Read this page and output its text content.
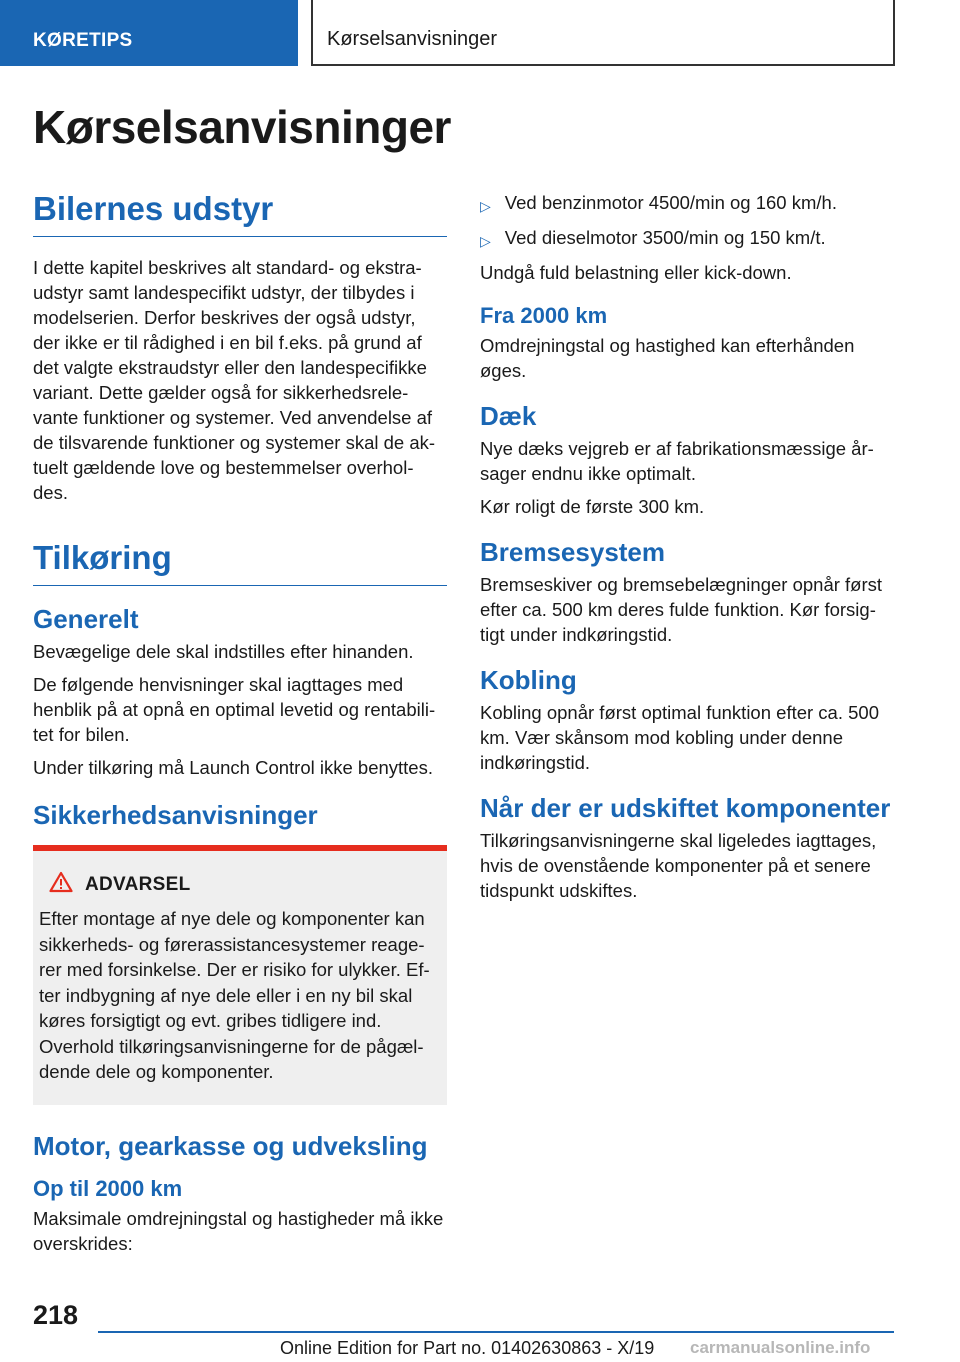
KØRETIPS	Kørselsanvisninger
Kørselsanvisninger
Bilernes udstyr
I dette kapitel beskrives alt standard- og ekstra-udstyr samt landespecifikt udstyr, der tilbydes i modelserien. Derfor beskrives der også udstyr, der ikke er til rådighed i en bil f.eks. på grund af det valgte ekstraudstyr eller den landespecifikke variant. Dette gælder også for sikkerhedsrele-vante funktioner og systemer. Ved anvendelse af de tilsvarende funktioner og systemer skal de ak-tuelt gældende love og bestemmelser overhol-des.
Tilkøring
Generelt
Bevægelige dele skal indstilles efter hinanden.
De følgende henvisninger skal iagttages med henblik på at opnå en optimal levetid og rentabili-tet for bilen.
Under tilkøring må Launch Control ikke benyttes.
Sikkerhedsanvisninger
ADVARSEL
Efter montage af nye dele og komponenter kan sikkerheds- og førerassistancesystemer reage-rer med forsinkelse. Der er risiko for ulykker. Ef-ter indbygning af nye dele eller i en ny bil skal køres forsigtigt og evt. gribes tidligere ind. Overhold tilkøringsanvisningerne for de pågæl-dende dele og komponenter.
Motor, gearkasse og udveksling
Op til 2000 km
Maksimale omdrejningstal og hastigheder må ikke overskrides:
▷ Ved benzinmotor 4500/min og 160 km/h.
▷ Ved dieselmotor 3500/min og 150 km/t.
Undgå fuld belastning eller kick-down.
Fra 2000 km
Omdrejningstal og hastighed kan efterhånden øges.
Dæk
Nye dæks vejgreb er af fabrikationsmæssige år-sager endnu ikke optimalt.
Kør roligt de første 300 km.
Bremsesystem
Bremseskiver og bremsebelægninger opnår først efter ca. 500 km deres fulde funktion. Kør forsig-tigt under indkøringstid.
Kobling
Kobling opnår først optimal funktion efter ca. 500 km. Vær skånsom mod kobling under denne indkøringstid.
Når der er udskiftet komponenter
Tilkøringsanvisningerne skal ligeledes iagttages, hvis de ovenstående komponenter på et senere tidspunkt udskiftes.
218
Online Edition for Part no. 01402630863 - X/19 carmanualsonline.info
